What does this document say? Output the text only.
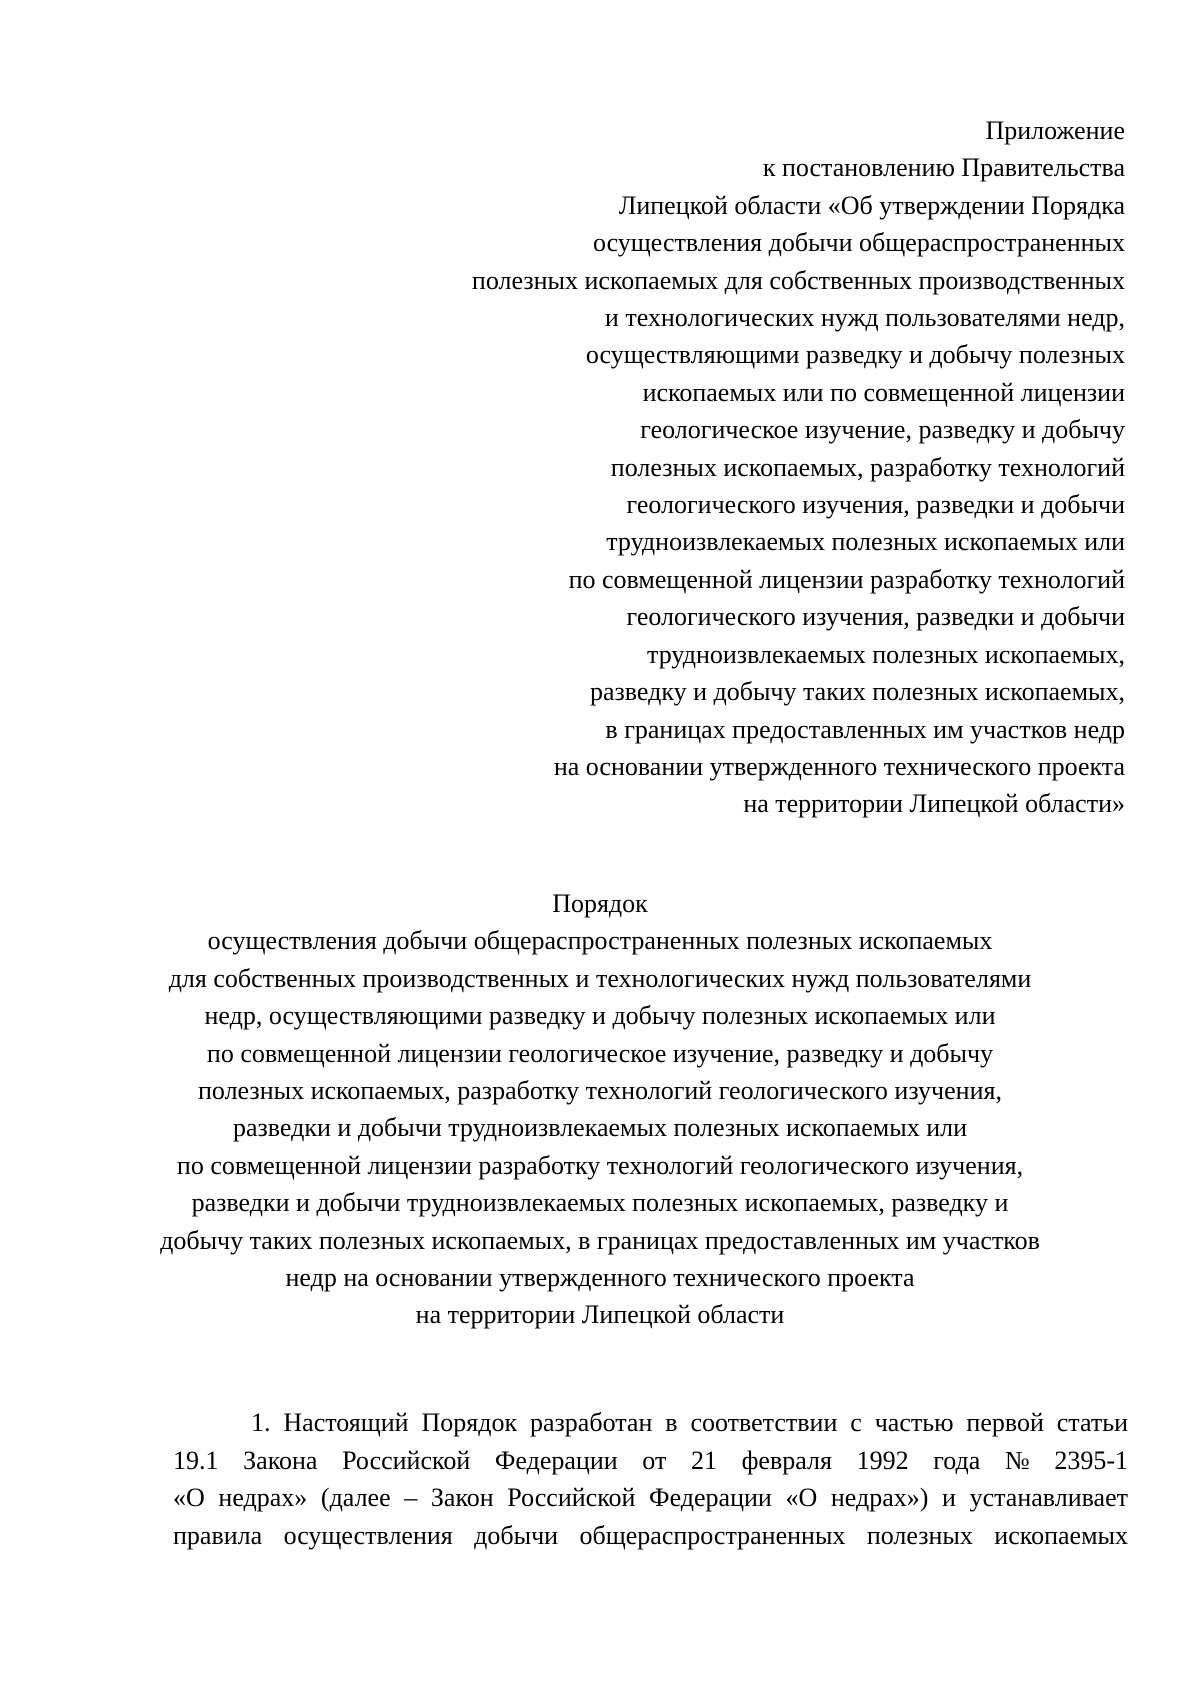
Приложение
к постановлению Правительства
Липецкой области «Об утверждении Порядка
осуществления добычи общераспространенных
полезных ископаемых для собственных производственных
и технологических нужд пользователями недр,
осуществляющими разведку и добычу полезных
ископаемых или по совмещенной лицензии
геологическое изучение, разведку и добычу
полезных ископаемых, разработку технологий
геологического изучения, разведки и добычи
трудноизвлекаемых полезных ископаемых или
по совмещенной лицензии разработку технологий
геологического изучения, разведки и добычи
трудноизвлекаемых полезных ископаемых,
разведку и добычу таких полезных ископаемых,
в границах предоставленных им участков недр
на основании утвержденного технического проекта
на территории Липецкой области»
Порядок
осуществления добычи общераспространенных полезных ископаемых
для собственных производственных и технологических нужд пользователями
недр, осуществляющими разведку и добычу полезных ископаемых или
по совмещенной лицензии геологическое изучение, разведку и добычу
полезных ископаемых, разработку технологий геологического изучения,
разведки и добычи трудноизвлекаемых полезных ископаемых или
по совмещенной лицензии разработку технологий геологического изучения,
разведки и добычи трудноизвлекаемых полезных ископаемых, разведку и
добычу таких полезных ископаемых, в границах предоставленных им участков
недр на основании утвержденного технического проекта
на территории Липецкой области
1. Настоящий Порядок разработан в соответствии с частью первой статьи
19.1 Закона Российской Федерации от 21 февраля 1992 года № 2395-1
«О недрах» (далее – Закон Российской Федерации «О недрах») и устанавливает
правила осуществления добычи общераспространенных полезных ископаемых
